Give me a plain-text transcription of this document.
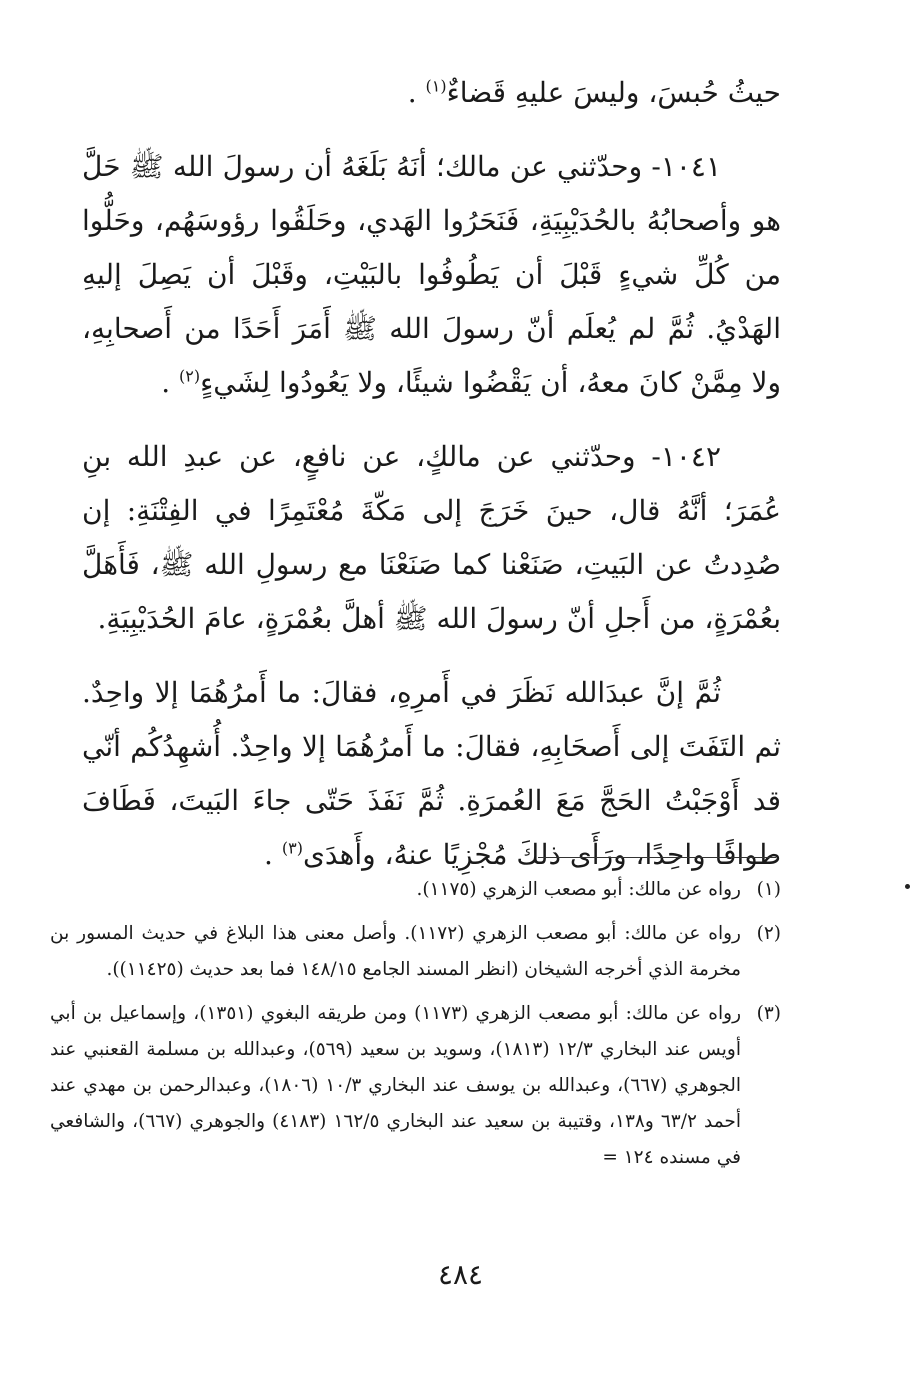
حيثُ حُبسَ، وليسَ عليهِ قَضاءٌ$^{(١)}$ .

١٠٤١- وحدّثني عن مالك؛ أنَهُ بَلَغَهُ أن رسولَ الله ﷺ حَلَّ هو وأصحابُهُ بالحُدَيْبِيَةِ، فَنَحَرُوا الهَدي، وحَلَقُوا رؤوسَهُم، وحَلُّوا من كُلِّ شيءٍ قَبْلَ أن يَطُوفُوا بالبَيْتِ، وقَبْلَ أن يَصِلَ إليهِ الهَدْيُ. ثُمَّ لم يُعلَم أنّ رسولَ الله ﷺ أَمَرَ أَحَدًا من أَصحابِهِ، ولا مِمَّنْ كانَ معهُ، أن يَقْضُوا شيئًا، ولا يَعُودُوا لِشَيءٍ$^{(٢)}$ .

١٠٤٢- وحدّثني عن مالكٍ، عن نافعٍ، عن عبدِ الله بنِ عُمَرَ؛ أنَّهُ قال، حينَ خَرَجَ إلى مَكّةَ مُعْتَمِرًا في الفِتْنَةِ: إن صُدِدتُ عن البَيتِ، صَنَعْنا كما صَنَعْنَا مع رسولِ الله ﷺ، فَأَهَلَّ بعُمْرَةٍ، من أَجلِ أنّ رسولَ الله ﷺ أهلَّ بعُمْرَةٍ، عامَ الحُدَيْبِيَةِ.

ثُمَّ إنَّ عبدَالله نَظَرَ في أَمرِهِ، فقالَ: ما أَمرُهُمَا إلا واحِدٌ. ثم التَفَتَ إلى أَصحَابِهِ، فقالَ: ما أَمرُهُمَا إلا واحِدٌ. أُشهِدُكُم أنّي قد أَوْجَبْتُ الحَجَّ مَعَ العُمرَةِ. ثُمَّ نَفَذَ حَتّى جاءَ البَيتَ، فَطَافَ طوافًا واحِدًا، ورَأَى ذلكَ مُجْزِيًا عنهُ، وأَهدَى$^{(٣)}$ .

(١)
رواه عن مالك: أبو مصعب الزهري (١١٧٥).
(٢)
رواه عن مالك: أبو مصعب الزهري (١١٧٢). وأصل معنى هذا البلاغ في حديث المسور بن مخرمة الذي أخرجه الشيخان (انظر المسند الجامع ١٤٨/١٥ فما بعد حديث (١١٤٢٥)).
(٣)
رواه عن مالك: أبو مصعب الزهري (١١٧٣) ومن طريقه البغوي (١٣٥١)، وإسماعيل بن أبي أويس عند البخاري ١٢/٣ (١٨١٣)، وسويد بن سعيد (٥٦٩)، وعبدالله بن مسلمة القعنبي عند الجوهري (٦٦٧)، وعبدالله بن يوسف عند البخاري ١٠/٣ (١٨٠٦)، وعبدالرحمن بن مهدي عند أحمد ٦٣/٢ و١٣٨، وقتيبة بن سعيد عند البخاري ١٦٢/٥ (٤١٨٣) والجوهري (٦٦٧)، والشافعي في مسنده ١٢٤ =
٤٨٤
